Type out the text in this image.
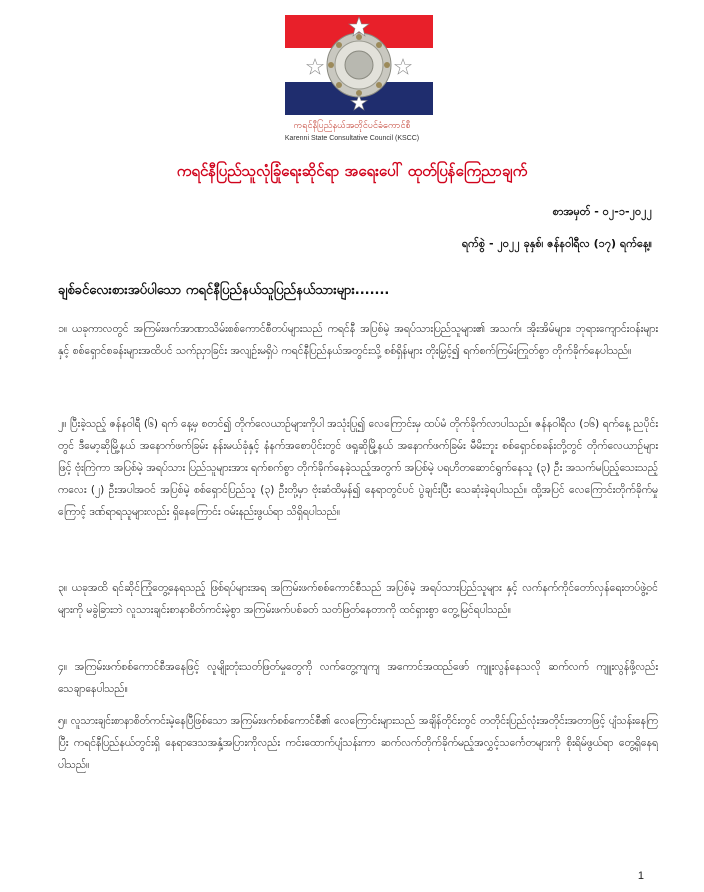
ကရင်နီပြည်နယ်အတိုင်ပင်ခံကောင်စီ
Karenni State Consultative Council (KSCC)
ကရင်နီပြည်သူလုံခြုံရေးဆိုင်ရာ အရေးပေါ် ထုတ်ပြန်ကြေညာချက်
စာအမှတ် - ၀၂-၁-၂၀၂၂
ရက်စွဲ - ၂၀၂၂ ခုနှစ်၊ ဇန်နဝါရီလ (၁၇) ရက်နေ့။
ချစ်ခင်လေးစားအပ်ပါသော ကရင်နီပြည်နယ်သူပြည်နယ်သားများ.......
၁။ ယခုကာလတွင် အကြမ်းဖက်အာဏာသိမ်းစစ်ကောင်စီတပ်များသည် ကရင်နီ အပြစ်မဲ့ အရပ်သားပြည်သူများ၏ အသက်၊ အိုးအိမ်များ၊ ဘုရားကျောင်းဝန်းများ နှင့် စစ်ရှောင်စခန်းများအထိပင် သက်ညှာခြင်း အလျဉ်းမရှိပဲ ကရင်နီပြည်နယ်အတွင်းသို့ စစ်ရှိန်များ တိုးမြှင့်၍ ရက်စက်ကြမ်းကြုတ်စွာ တိုက်ခိုက်နေပါသည်။
၂။ ပြီးခဲ့သည့် ဇန်နဝါရီ (၆) ရက် နေ့မှ စတင်၍ တိုက်လေယာဉ်များကိုပါ အသုံးပြု၍ လေကြောင်းမှ ထပ်မံ တိုက်ခိုက်လာပါသည်။ ဇန်နဝါရီလ (၁၆) ရက်နေ့ ညပိုင်းတွင် ဒီမော့ဆိုမြို့နယ် အနောက်ဖက်ခြမ်း နန်းမယ်ခုံနှင့် နံနက်အစောပိုင်းတွင် ဖရူဆိုမြို့နယ် အနောက်ဖက်ခြမ်း မီမိးဘူး စစ်ရှောင်စခန်းတို့တွင် တိုက်လေယာဉ်များဖြင့် ဗုံးကြဲကာ အပြစ်မဲ့ အရပ်သား ပြည်သူများအား ရက်စက်စွာ တိုက်ခိုက်နေခဲ့သည့်အတွက် အပြစ်မဲ့ ပရဟိတဆောင်ရွက်နေသူ (၃) ဦး အသက်မပြည့်သေးသည့် ကလေး (၂) ဦးအပါအဝင် အပြစ်မဲ့ စစ်ရှောင်ပြည်သူ (၃) ဦးတို့မှာ ဗုံးဆံထိမှန်၍ နေရာတွင်ပင် ပွဲချင်းပြီး သေဆုံးခဲ့ရပါသည်။ ထို့အပြင် လေကြောင်းတိုက်ခိုက်မှုကြောင့် ဒဏ်ရာရသူများလည်း ရှိနေကြောင်း ဝမ်းနည်းဖွယ်ရာ သိရှိရပါသည်။
၃။ ယခုအထိ ရင်ဆိုင်ကြုံတွေ့နေရသည့် ဖြစ်ရပ်များအရ အကြမ်းဖက်စစ်ကောင်စီသည် အပြစ်မဲ့ အရပ်သားပြည်သူများ နှင့် လက်နက်ကိုင်တော်လှန်ရေးတပ်ဖွဲ့ဝင်များကို မခွဲခြားဘဲ လူသားချင်းစာနာစိတ်ကင်းမဲ့စွာ အကြမ်းဖက်ပစ်ခတ် သတ်ဖြတ်နေတာကို ထင်ရှားစွာ တွေ့မြင်ရပါသည်။
၄။ အကြမ်းဖက်စစ်ကောင်စီအနေဖြင့် လူမျိုးတုံးသတ်ဖြတ်မှုတွေကို လက်တွေ့ကျကျ အကောင်အထည်ဖော် ကျူးလွန်နေသလို ဆက်လက် ကျူးလွန်ဖို့လည်း သေချာနေပါသည်။
၅။ လူသားချင်းစာနာစိတ်ကင်းမဲ့နေပြီဖြစ်သော အကြမ်းဖက်စစ်ကောင်စီ၏ လေကြောင်းများသည် အချိန်တိုင်းတွင် တတိုင်းပြည်လုံးအတိုင်းအတာဖြင့် ပျံသန်းနေကြပြီး ကရင်နီပြည်နယ်တွင်းရှိ နေရာဒေသအနှံ့အပြားကိုလည်း ကင်းထောက်ပျံသန်းကာ ဆက်လက်တိုက်ခိုက်မည့်အလွှင့်သင်္ကေတများကို စိုးရိမ်ဖွယ်ရာ တွေ့ရှိနေရပါသည်။
1
